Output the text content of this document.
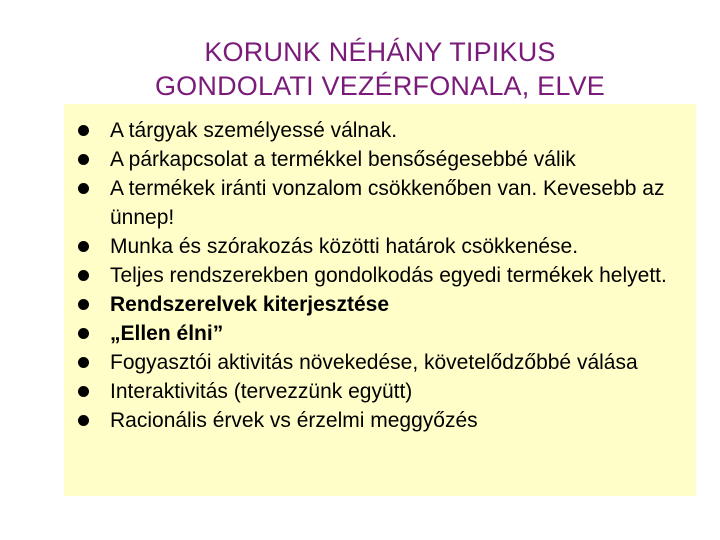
KORUNK NÉHÁNY TIPIKUS
GONDOLATI VEZÉRFONALA, ELVE
A tárgyak személyessé válnak.
A párkapcsolat a termékkel bensőségesebbé válik
A termékek iránti vonzalom csökkenőben van. Kevesebb az ünnep!
Munka és szórakozás közötti határok csökkenése.
Teljes rendszerekben gondolkodás egyedi termékek helyett.
Rendszerelvek kiterjesztése
„Ellen élni”
Fogyasztói aktivitás növekedése, követelődzőbbé válása
Interaktivitás (tervezzünk együtt)
Racionális érvek vs érzelmi meggyőzés
